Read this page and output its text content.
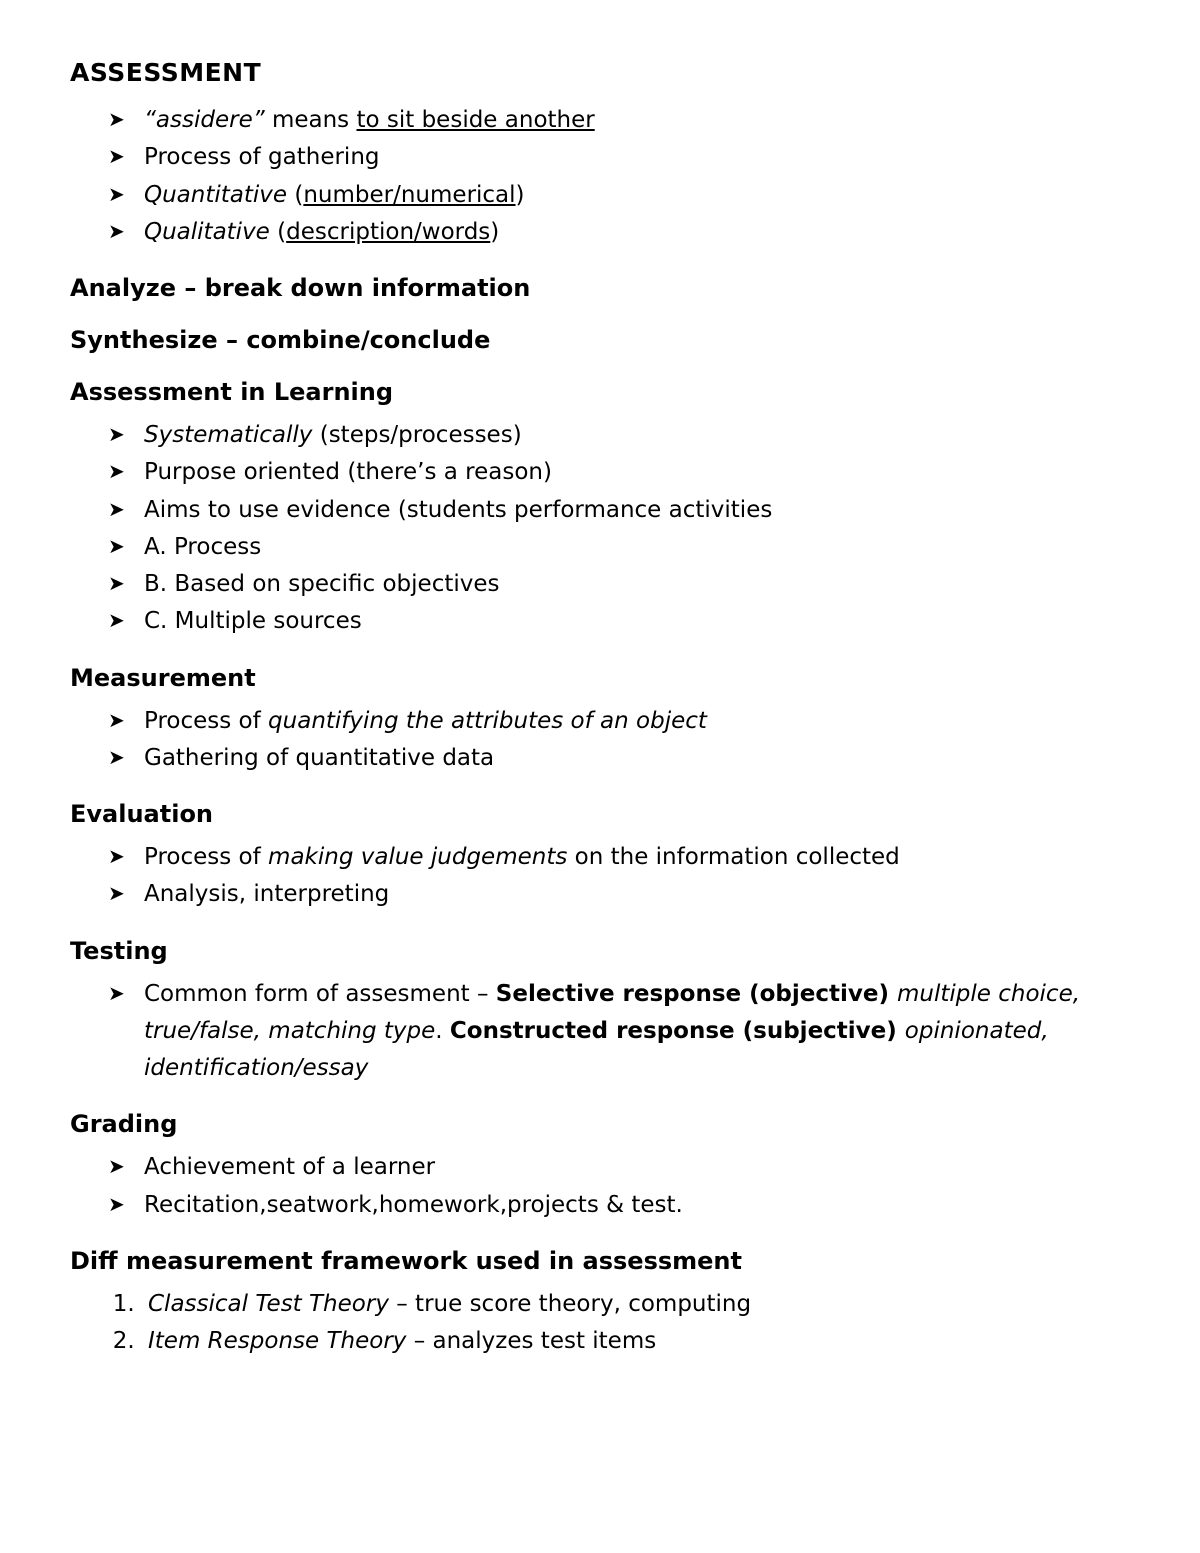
ASSESSMENT
➤ “assidere” means to sit beside another
➤ Process of gathering
➤ Quantitative (number/numerical)
➤ Qualitative (description/words)
Analyze – break down information
Synthesize – combine/conclude
Assessment in Learning
➤ Systematically (steps/processes)
➤ Purpose oriented (there’s a reason)
➤ Aims to use evidence (students performance activities
➤ A. Process
➤ B. Based on specific objectives
➤ C. Multiple sources
Measurement
➤ Process of quantifying the attributes of an object
➤ Gathering of quantitative data
Evaluation
➤ Process of making value judgements on the information collected
➤ Analysis, interpreting
Testing
➤ Common form of assesment – Selective response (objective) multiple choice, true/false, matching type. Constructed response (subjective) opinionated, identification/essay
Grading
➤ Achievement of a learner
➤ Recitation,seatwork,homework,projects & test.
Diff measurement framework used in assessment
1. Classical Test Theory – true score theory, computing
2. Item Response Theory – analyzes test items
